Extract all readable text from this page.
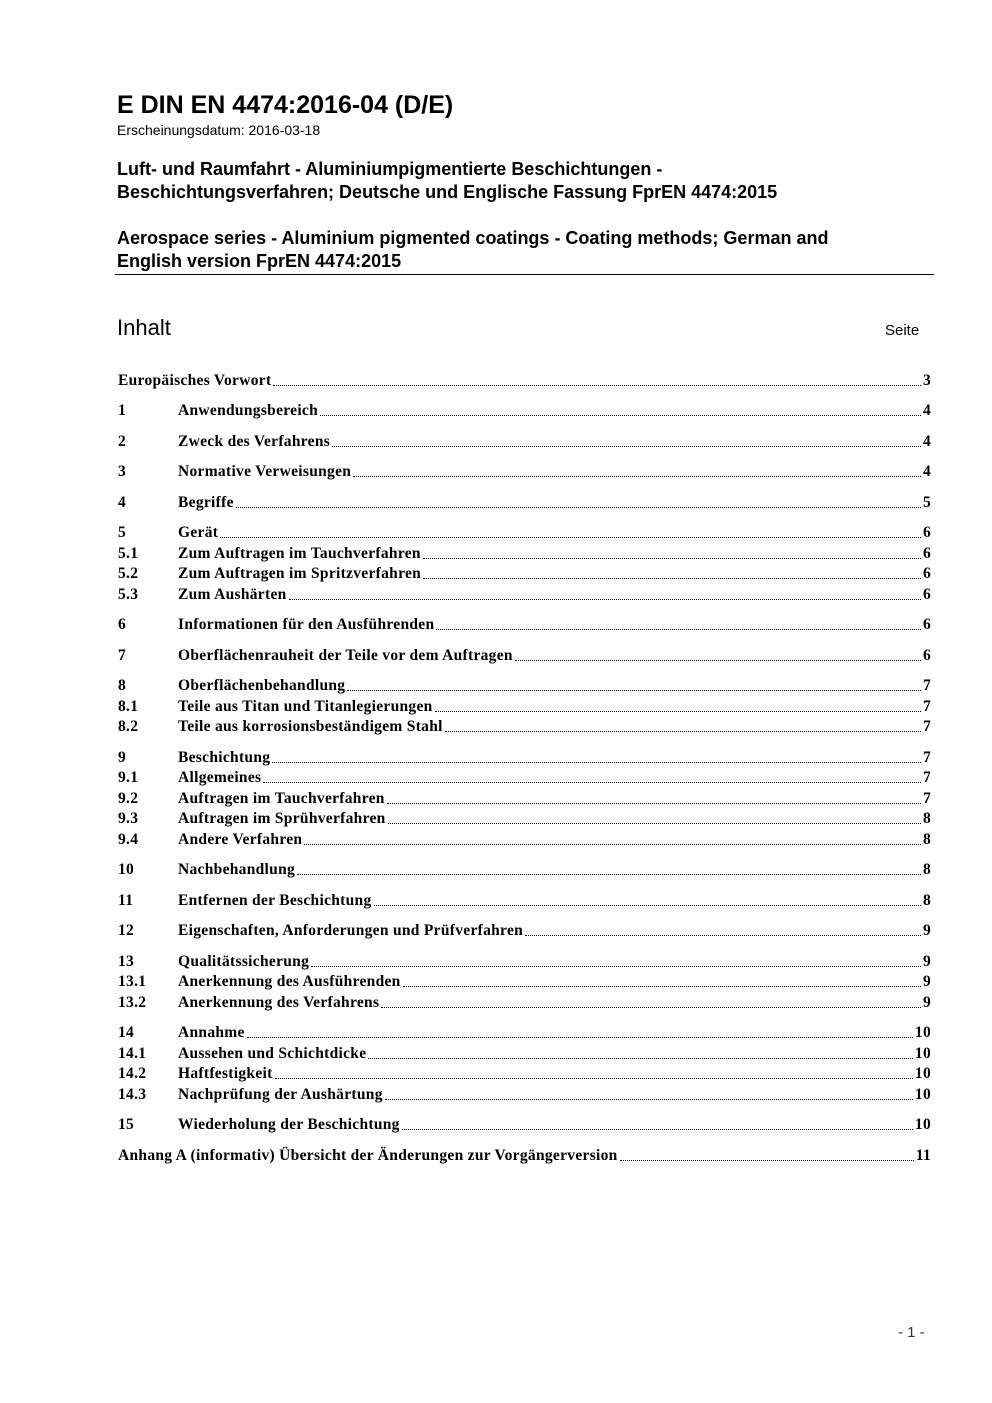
E DIN EN 4474:2016-04 (D/E)
Erscheinungsdatum: 2016-03-18
Luft- und Raumfahrt - Aluminiumpigmentierte Beschichtungen -
Beschichtungsverfahren; Deutsche und Englische Fassung FprEN 4474:2015
Aerospace series - Aluminium pigmented coatings - Coating methods; German and
English version FprEN 4474:2015
Inhalt	Seite
Europäisches Vorwort	3
1	Anwendungsbereich	4
2	Zweck des Verfahrens	4
3	Normative Verweisungen	4
4	Begriffe	5
5	Gerät	6
5.1	Zum Auftragen im Tauchverfahren	6
5.2	Zum Auftragen im Spritzverfahren	6
5.3	Zum Aushärten	6
6	Informationen für den Ausführenden	6
7	Oberflächenrauheit der Teile vor dem Auftragen	6
8	Oberflächenbehandlung	7
8.1	Teile aus Titan und Titanlegierungen	7
8.2	Teile aus korrosionsbeständigem Stahl	7
9	Beschichtung	7
9.1	Allgemeines	7
9.2	Auftragen im Tauchverfahren	7
9.3	Auftragen im Sprühverfahren	8
9.4	Andere Verfahren	8
10	Nachbehandlung	8
11	Entfernen der Beschichtung	8
12	Eigenschaften, Anforderungen und Prüfverfahren	9
13	Qualitätssicherung	9
13.1	Anerkennung des Ausführenden	9
13.2	Anerkennung des Verfahrens	9
14	Annahme	10
14.1	Aussehen und Schichtdicke	10
14.2	Haftfestigkeit	10
14.3	Nachprüfung der Aushärtung	10
15	Wiederholung der Beschichtung	10
Anhang A (informativ) Übersicht der Änderungen zur Vorgängerversion	11
- 1 -
